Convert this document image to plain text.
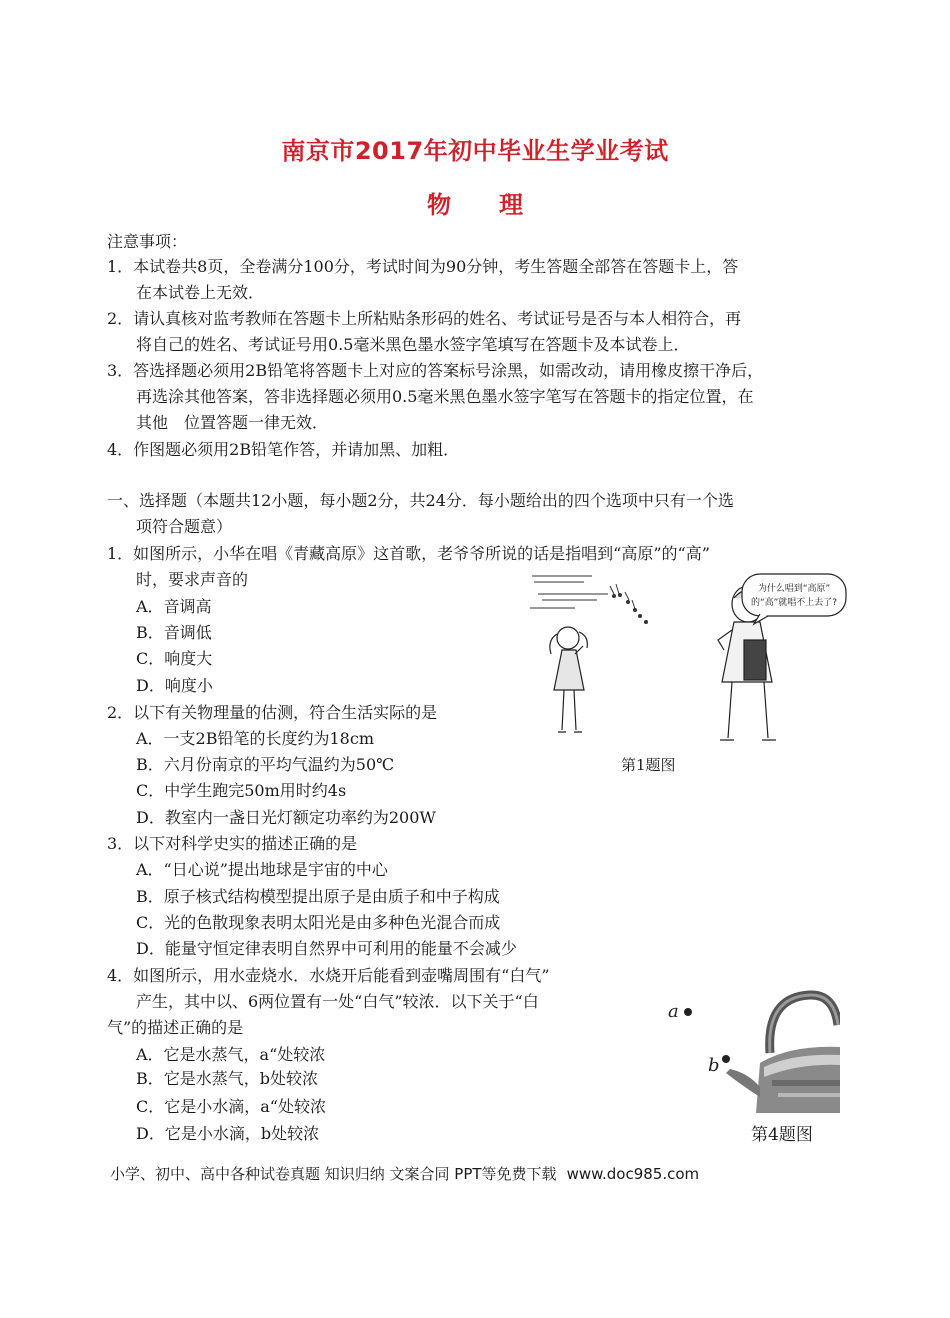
南京市2017年初中毕业生学业考试
物 理
注意事项：
1．本试卷共8页，全卷满分100分，考试时间为90分钟，考生答题全部答在答题卡上，答
在本试卷上无效．
2．请认真核对监考教师在答题卡上所粘贴条形码的姓名、考试证号是否与本人相符合，再
将自己的姓名、考试证号用0.5毫米黑色墨水签字笔填写在答题卡及本试卷上．
3．答选择题必须用2B铅笔将答题卡上对应的答案标号涂黑，如需改动，请用橡皮擦干净后，
再选涂其他答案，答非选择题必须用0.5毫米黑色墨水签字笔写在答题卡的指定位置，在
其他　位置答题一律无效．
4．作图题必须用2B铅笔作答，并请加黑、加粗．
一、选择题（本题共12小题，每小题2分，共24分．每小题给出的四个选项中只有一个选
项符合题意）
1．如图所示，小华在唱《青藏高原》这首歌，老爷爷所说的话是指唱到“高原”的“高”
时，要求声音的
A．音调高
B．音调低
C．响度大
D．响度小
为什么唱到“高原”
的“高”就唱不上去了?
第1题图
2．以下有关物理量的估测，符合生活实际的是
A．一支2B铅笔的长度约为18cm
B．六月份南京的平均气温约为50℃
C．中学生跑完50m用时约4s
D．教室内一盏日光灯额定功率约为200W
3．以下对科学史实的描述正确的是
A．“日心说”提出地球是宇宙的中心
B．原子核式结构模型提出原子是由质子和中子构成
C．光的色散现象表明太阳光是由多种色光混合而成
D．能量守恒定律表明自然界中可利用的能量不会减少
4．如图所示，用水壶烧水．水烧开后能看到壶嘴周围有“白气”
产生，其中以、6两位置有一处“白气”较浓．以下关于“白
气”的描述正确的是
A．它是水蒸气，a“处较浓
B．它是水蒸气，b处较浓
C．它是小水滴，a“处较浓
D．它是小水滴，b处较浓
a
b
第4题图
小学、初中、高中各种试卷真题 知识归纳 文案合同 PPT等免费下载 www.doc985.com
